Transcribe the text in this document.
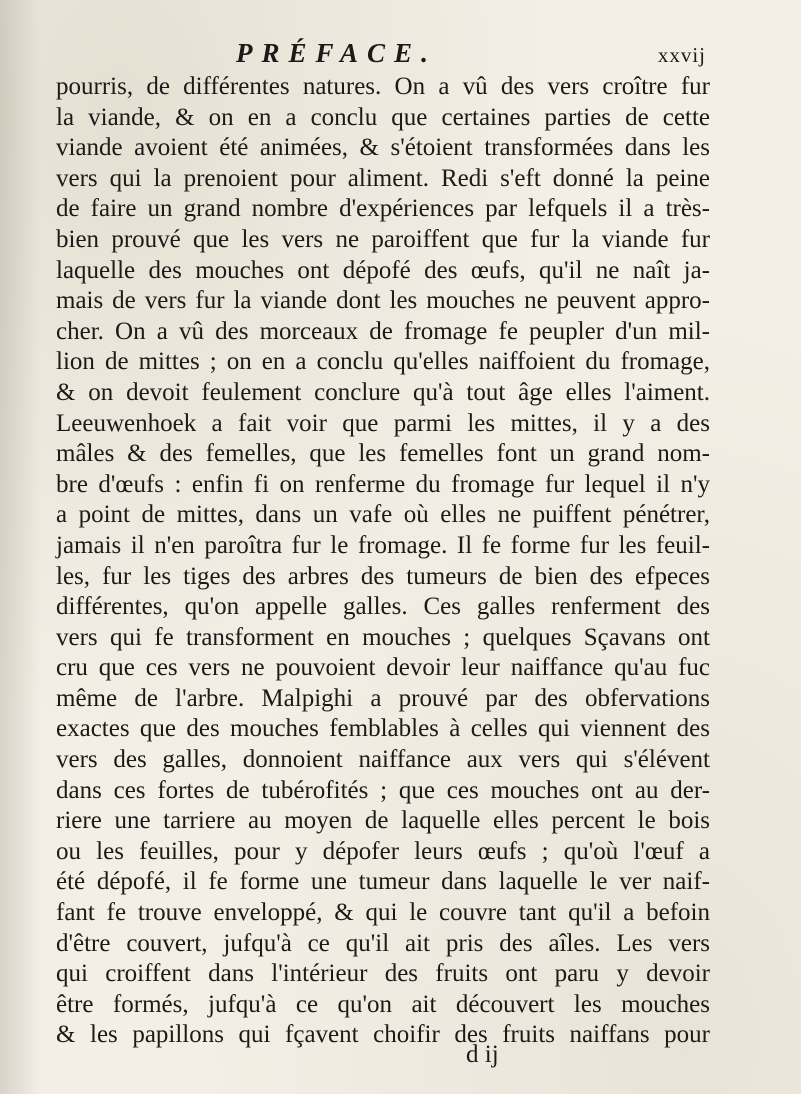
PRÉFACE.	xxvij
pourris, de différentes natures. On a vû des vers croître fur
la viande, & on en a conclu que certaines parties de cette
viande avoient été animées, & s'étoient transformées dans les
vers qui la prenoient pour aliment. Redi s'eft donné la peine
de faire un grand nombre d'expériences par lefquels il a très-
bien prouvé que les vers ne paroiffent que fur la viande fur
laquelle des mouches ont dépofé des œufs, qu'il ne naît ja-
mais de vers fur la viande dont les mouches ne peuvent appro-
cher. On a vû des morceaux de fromage fe peupler d'un mil-
lion de mittes ; on en a conclu qu'elles naiffoient du fromage,
& on devoit feulement conclure qu'à tout âge elles l'aiment.
Leeuwenhoek a fait voir que parmi les mittes, il y a des
mâles & des femelles, que les femelles font un grand nom-
bre d'œufs : enfin fi on renferme du fromage fur lequel il n'y
a point de mittes, dans un vafe où elles ne puiffent pénétrer,
jamais il n'en paroîtra fur le fromage. Il fe forme fur les feuil-
les, fur les tiges des arbres des tumeurs de bien des efpeces
différentes, qu'on appelle galles. Ces galles renferment des
vers qui fe transforment en mouches ; quelques Sçavans ont
cru que ces vers ne pouvoient devoir leur naiffance qu'au fuc
même de l'arbre. Malpighi a prouvé par des obfervations
exactes que des mouches femblables à celles qui viennent des
vers des galles, donnoient naiffance aux vers qui s'élévent
dans ces fortes de tubérofités ; que ces mouches ont au der-
riere une tarriere au moyen de laquelle elles percent le bois
ou les feuilles, pour y dépofer leurs œufs ; qu'où l'œuf a
été dépofé, il fe forme une tumeur dans laquelle le ver naif-
fant fe trouve enveloppé, & qui le couvre tant qu'il a befoin
d'être couvert, jufqu'à ce qu'il ait pris des aîles. Les vers
qui croiffent dans l'intérieur des fruits ont paru y devoir
être formés, jufqu'à ce qu'on ait découvert les mouches
& les papillons qui fçavent choifir des fruits naiffans pour
d ij
